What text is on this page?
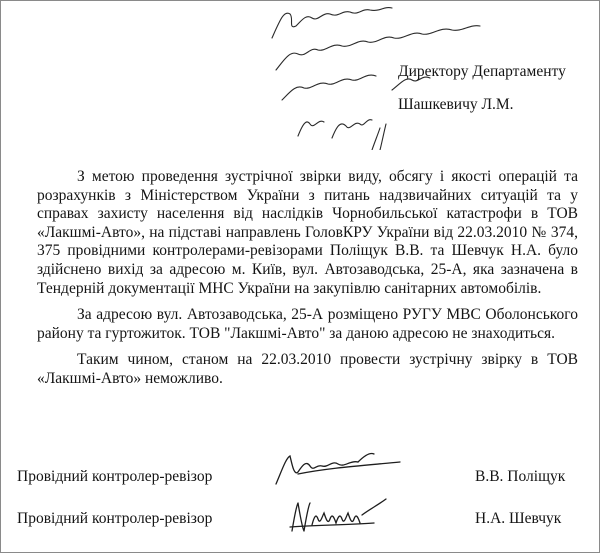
Директору Департаменту
Шашкевичу Л.М.

З метою проведення зустрічної звірки виду, обсягу і якості операцій та розрахунків з Міністерством України з питань надзвичайних ситуацій та у справах захисту населення від наслідків Чорнобильської катастрофи в ТОВ «Лакшмі-Авто», на підставі направлень ГоловКРУ України від 22.03.2010 № 374, 375 провідними контролерами-ревізорами Поліщук В.В. та Шевчук Н.А. було здійснено вихід за адресою м. Київ, вул. Автозаводська, 25-А, яка зазначена в Тендерній документації МНС України на закупівлю санітарних автомобілів.

За адресою вул. Автозаводська, 25-А розміщено РУГУ МВС Оболонського району та гуртожиток. ТОВ "Лакшмі-Авто" за даною адресою не знаходиться.

Таким чином, станом на 22.03.2010 провести зустрічну звірку в ТОВ «Лакшмі-Авто» неможливо.

Провідний контролер-ревізор	В.В. Поліщук
Провідний контролер-ревізор	Н.А. Шевчук
